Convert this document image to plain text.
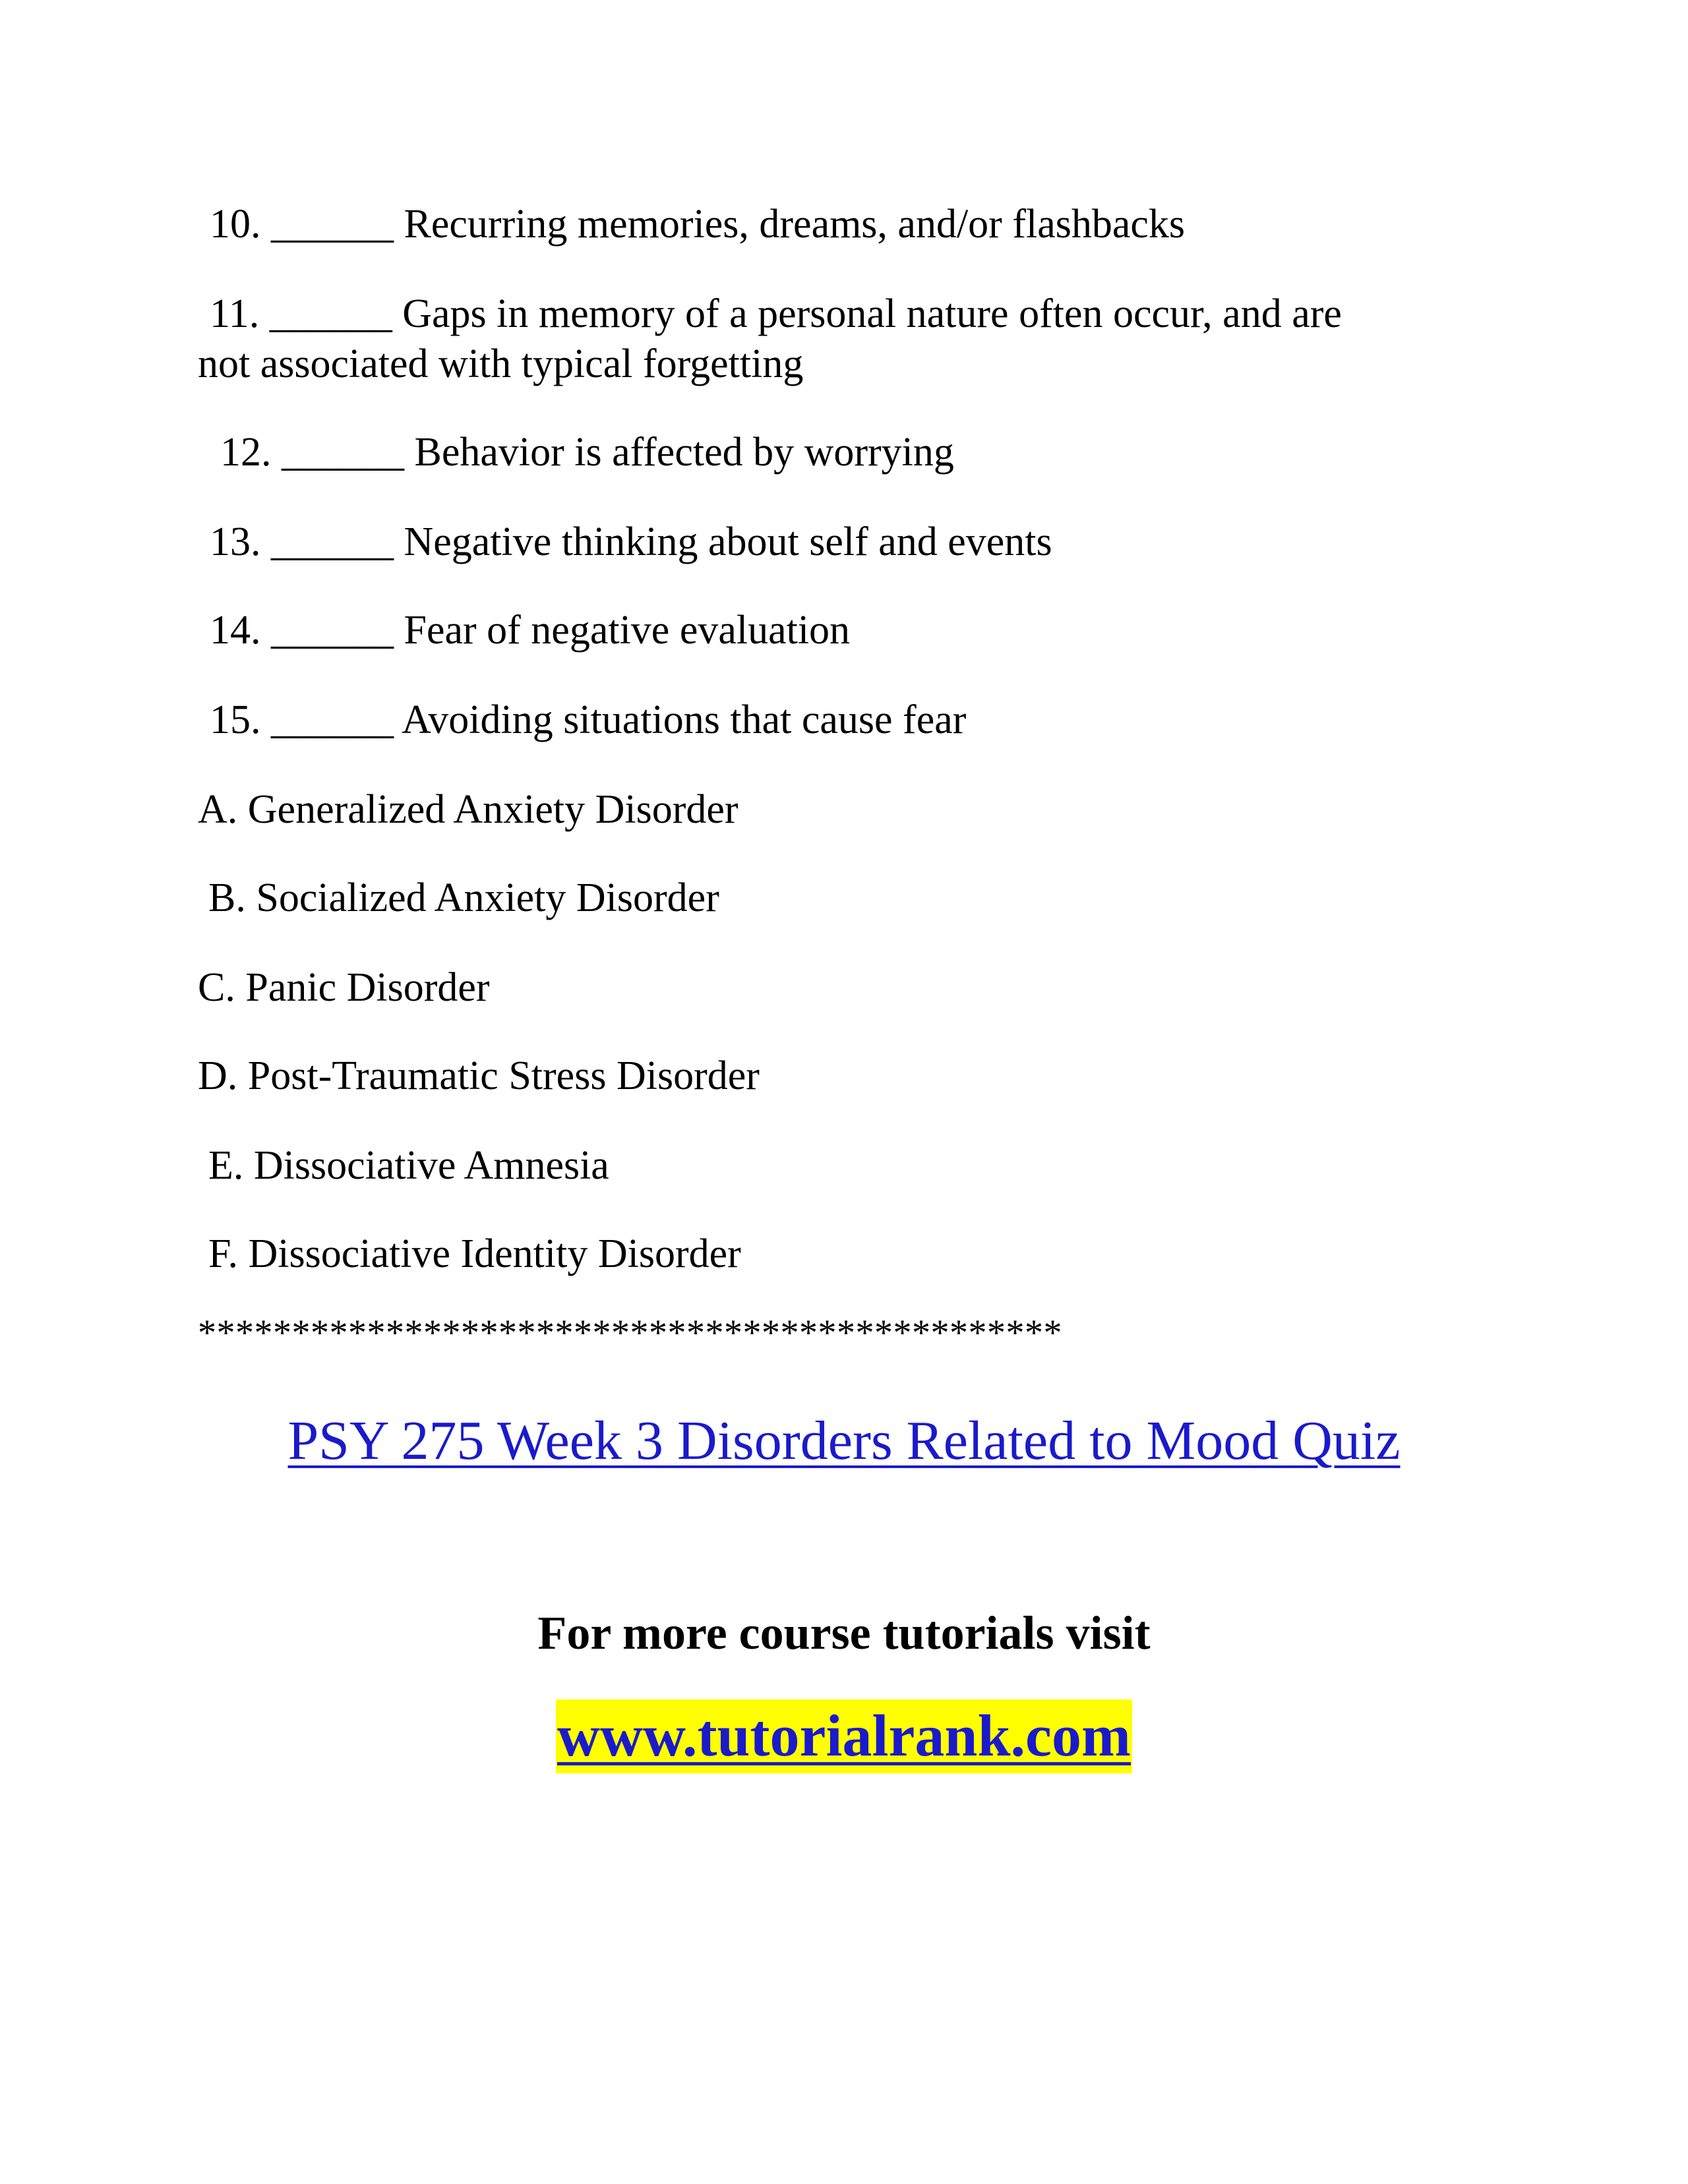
10. ______ Recurring memories, dreams, and/or flashbacks
11. ______ Gaps in memory of a personal nature often occur, and are
not associated with typical forgetting
12. ______ Behavior is affected by worrying
13. ______ Negative thinking about self and events
14. ______ Fear of negative evaluation
15. ______ Avoiding situations that cause fear
A. Generalized Anxiety Disorder
B. Socialized Anxiety Disorder
C. Panic Disorder
D. Post-Traumatic Stress Disorder
E. Dissociative Amnesia
F. Dissociative Identity Disorder
**********************************************
PSY 275 Week 3 Disorders Related to Mood Quiz
For more course tutorials visit
www.tutorialrank.com
